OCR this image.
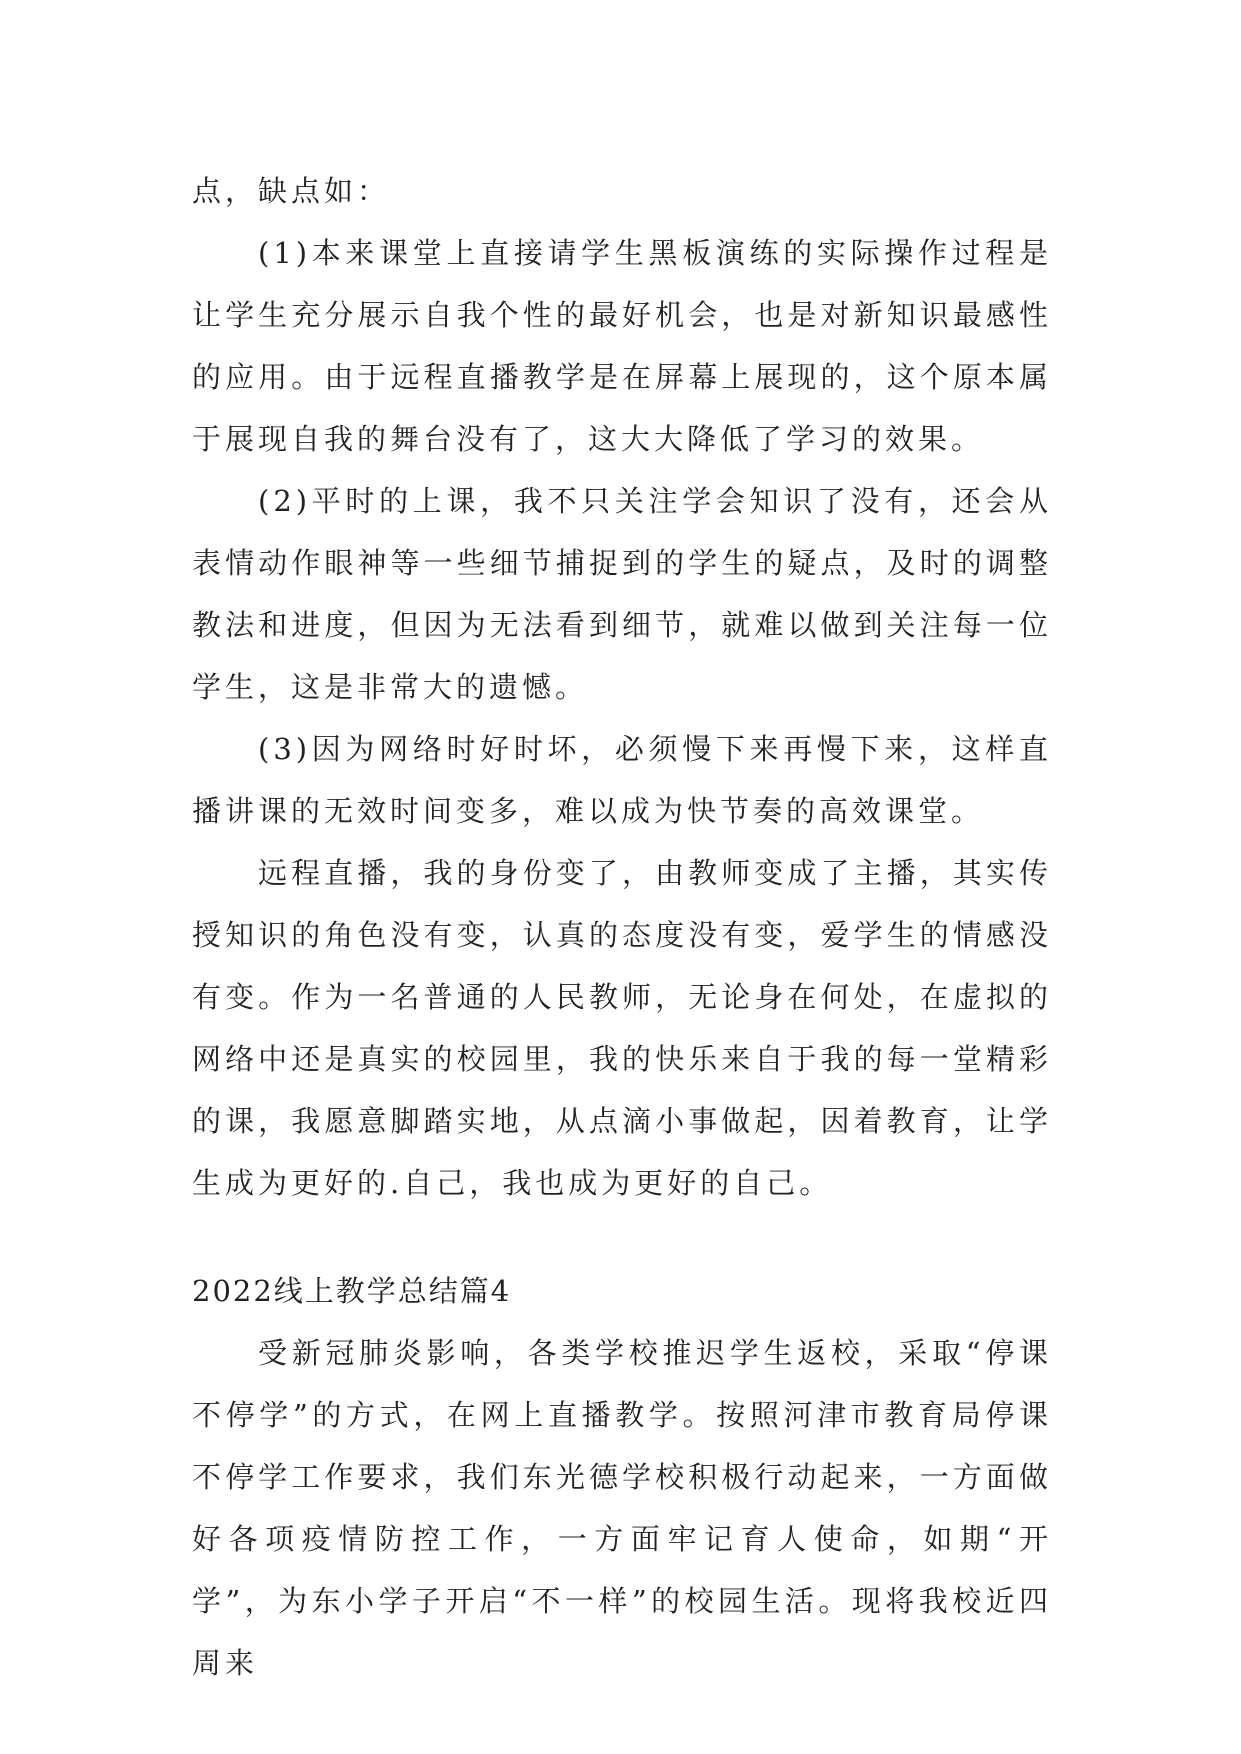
点，缺点如：

(1)本来课堂上直接请学生黑板演练的实际操作过程是让学生充分展示自我个性的最好机会，也是对新知识最感性的应用。由于远程直播教学是在屏幕上展现的，这个原本属于展现自我的舞台没有了，这大大降低了学习的效果。

(2)平时的上课，我不只关注学会知识了没有，还会从表情动作眼神等一些细节捕捉到的学生的疑点，及时的调整教法和进度，但因为无法看到细节，就难以做到关注每一位学生，这是非常大的遗憾。

(3)因为网络时好时坏，必须慢下来再慢下来，这样直播讲课的无效时间变多，难以成为快节奏的高效课堂。

远程直播，我的身份变了，由教师变成了主播，其实传授知识的角色没有变，认真的态度没有变，爱学生的情感没有变。作为一名普通的人民教师，无论身在何处，在虚拟的网络中还是真实的校园里，我的快乐来自于我的每一堂精彩的课，我愿意脚踏实地，从点滴小事做起，因着教育，让学生成为更好的.自己，我也成为更好的自己。

2022线上教学总结篇4

受新冠肺炎影响，各类学校推迟学生返校，采取“停课不停学”的方式，在网上直播教学。按照河津市教育局停课不停学工作要求，我们东光德学校积极行动起来，一方面做好各项疫情防控工作，一方面牢记育人使命，如期“开学”，为东小学子开启“不一样”的校园生活。现将我校近四周来
